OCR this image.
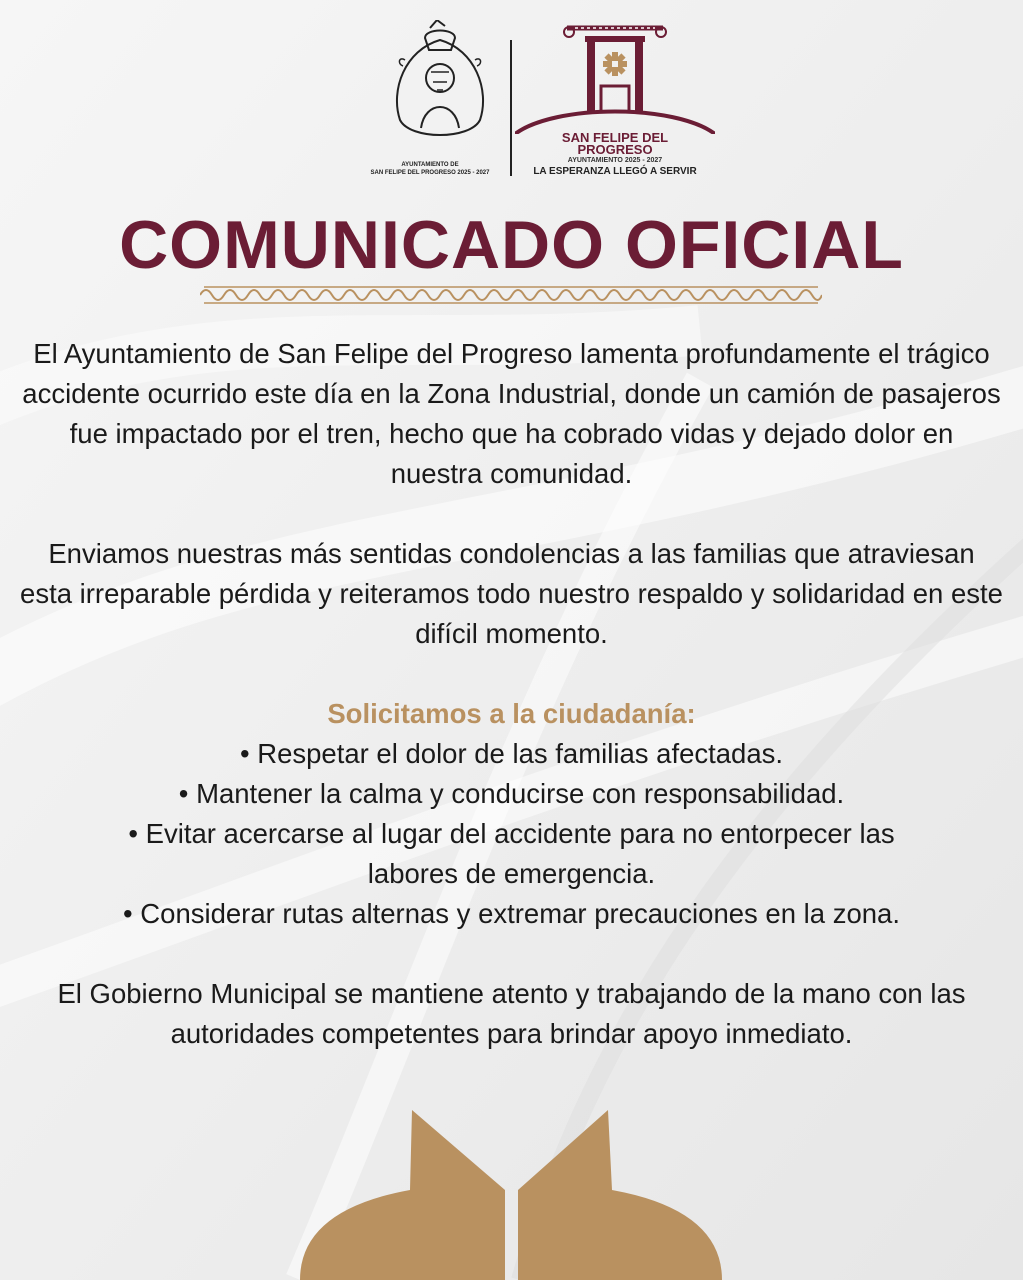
AYUNTAMIENTO DE
SAN FELIPE DEL PROGRESO 2025 - 2027
SAN FELIPE DEL
PROGRESO
AYUNTAMIENTO 2025 - 2027
LA ESPERANZA LLEGÓ A SERVIR
COMUNICADO OFICIAL

El Ayuntamiento de San Felipe del Progreso lamenta profundamente el trágico accidente ocurrido este día en la Zona Industrial, donde un camión de pasajeros fue impactado por el tren, hecho que ha cobrado vidas y dejado dolor en nuestra comunidad.

Enviamos nuestras más sentidas condolencias a las familias que atraviesan esta irreparable pérdida y reiteramos todo nuestro respaldo y solidaridad en este difícil momento.

Solicitamos a la ciudadanía:

• Respetar el dolor de las familias afectadas.

• Mantener la calma y conducirse con responsabilidad.

• Evitar acercarse al lugar del accidente para no entorpecer las labores de emergencia.

• Considerar rutas alternas y extremar precauciones en la zona.

El Gobierno Municipal se mantiene atento y trabajando de la mano con las autoridades competentes para brindar apoyo inmediato.
